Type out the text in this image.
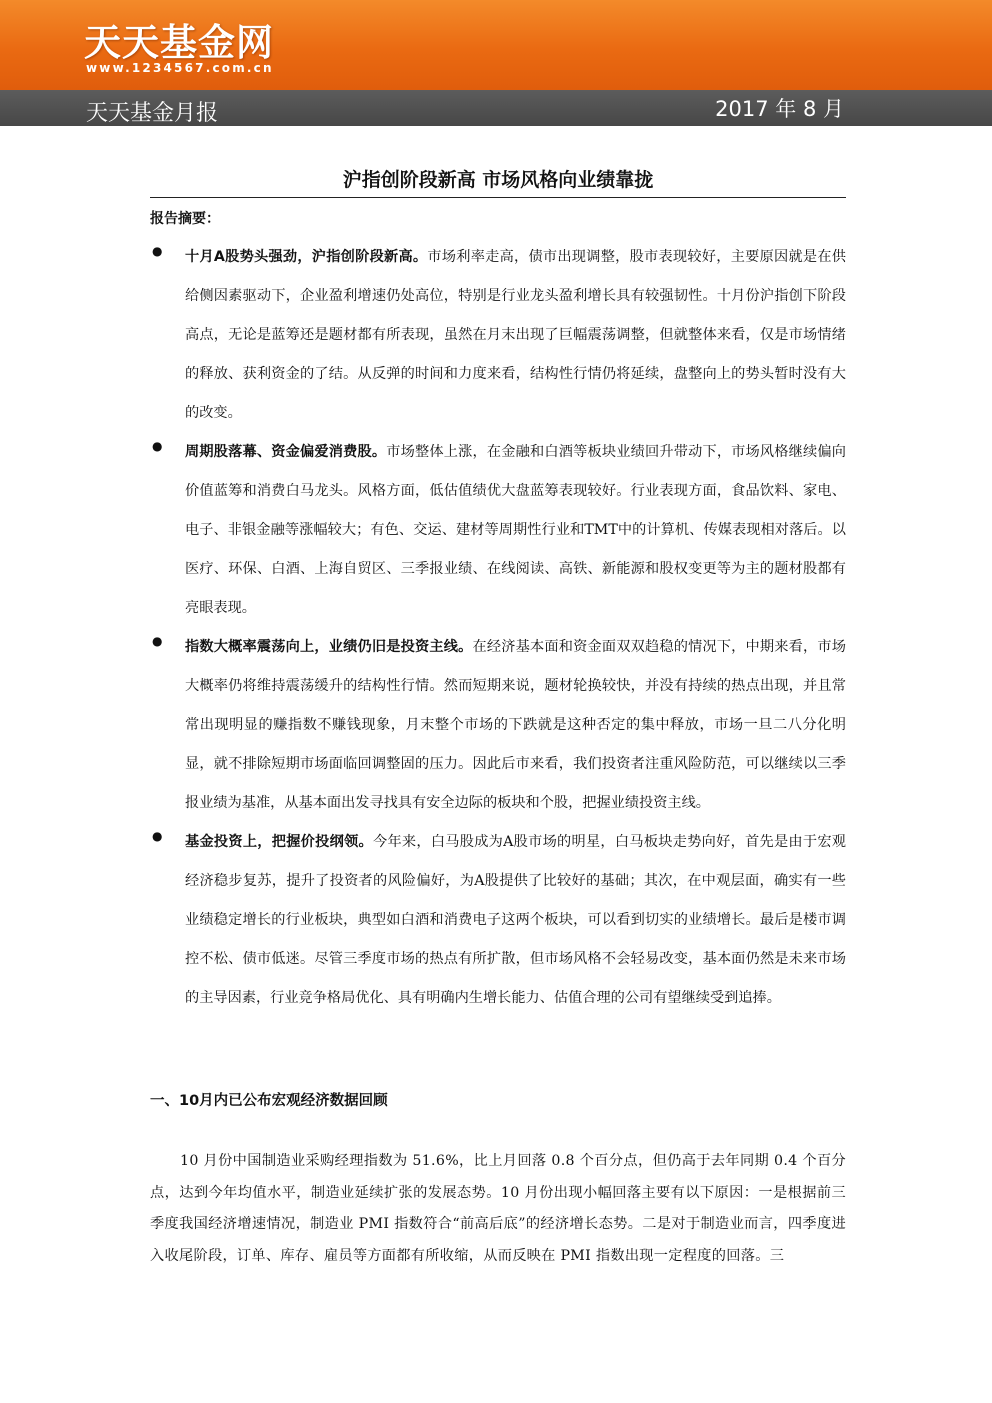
天天基金网
www.1234567.com.cn
天天基金月报	2017 年 8 月
沪指创阶段新高 市场风格向业绩靠拢
报告摘要：
● 十月A股势头强劲，沪指创阶段新高。市场利率走高，债市出现调整，股市表现较好，主要原因就是在供给侧因素驱动下，企业盈利增速仍处高位，特别是行业龙头盈利增长具有较强韧性。十月份沪指创下阶段高点，无论是蓝筹还是题材都有所表现，虽然在月末出现了巨幅震荡调整，但就整体来看，仅是市场情绪的释放、获利资金的了结。从反弹的时间和力度来看，结构性行情仍将延续，盘整向上的势头暂时没有大的改变。
● 周期股落幕、资金偏爱消费股。市场整体上涨，在金融和白酒等板块业绩回升带动下，市场风格继续偏向价值蓝筹和消费白马龙头。风格方面，低估值绩优大盘蓝筹表现较好。行业表现方面，食品饮料、家电、电子、非银金融等涨幅较大；有色、交运、建材等周期性行业和TMT中的计算机、传媒表现相对落后。以医疗、环保、白酒、上海自贸区、三季报业绩、在线阅读、高铁、新能源和股权变更等为主的题材股都有亮眼表现。
● 指数大概率震荡向上，业绩仍旧是投资主线。在经济基本面和资金面双双趋稳的情况下，中期来看，市场大概率仍将维持震荡缓升的结构性行情。然而短期来说，题材轮换较快，并没有持续的热点出现，并且常常出现明显的赚指数不赚钱现象，月末整个市场的下跌就是这种否定的集中释放，市场一旦二八分化明显，就不排除短期市场面临回调整固的压力。因此后市来看，我们投资者注重风险防范，可以继续以三季报业绩为基准，从基本面出发寻找具有安全边际的板块和个股，把握业绩投资主线。
● 基金投资上，把握价投纲领。今年来，白马股成为A股市场的明星，白马板块走势向好，首先是由于宏观经济稳步复苏，提升了投资者的风险偏好，为A股提供了比较好的基础；其次，在中观层面，确实有一些业绩稳定增长的行业板块，典型如白酒和消费电子这两个板块，可以看到切实的业绩增长。最后是楼市调控不松、债市低迷。尽管三季度市场的热点有所扩散，但市场风格不会轻易改变，基本面仍然是未来市场的主导因素，行业竞争格局优化、具有明确内生增长能力、估值合理的公司有望继续受到追捧。
一、10月内已公布宏观经济数据回顾
10 月份中国制造业采购经理指数为 51.6%，比上月回落 0.8 个百分点，但仍高于去年同期 0.4 个百分点，达到今年均值水平，制造业延续扩张的发展态势。10 月份出现小幅回落主要有以下原因：一是根据前三季度我国经济增速情况，制造业 PMI 指数符合“前高后底”的经济增长态势。二是对于制造业而言，四季度进入收尾阶段，订单、库存、雇员等方面都有所收缩，从而反映在 PMI 指数出现一定程度的回落。三
